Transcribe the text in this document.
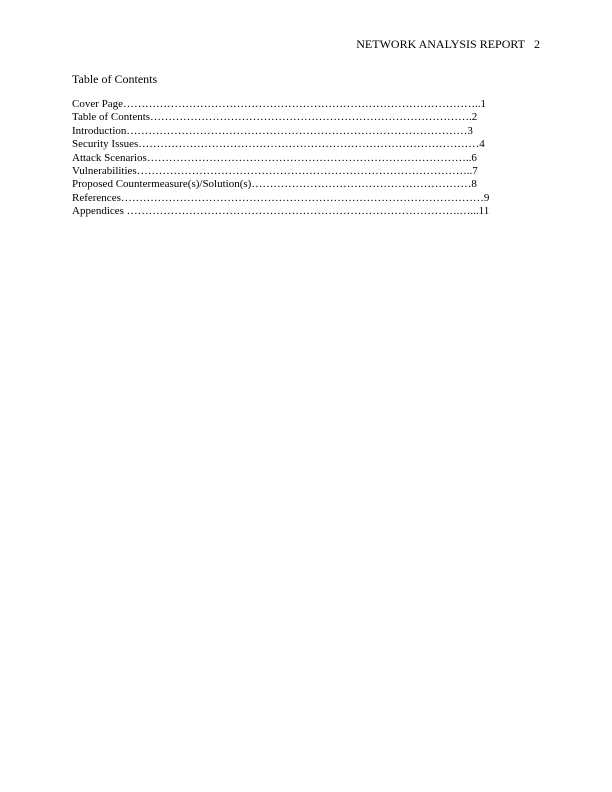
NETWORK ANALYSIS REPORT 2
Table of Contents
Cover Page……………………………………………………………………………………..1
Table of Contents…………………………………………………………………………….2
Introduction…………………………………………………………………………………3
Security Issues…………………………………………………………………………………4
Attack Scenarios……………………………………………………………………………..6
Vulnerabilities………………………………………………………………………………..7
Proposed Countermeasure(s)/Solution(s)……………………………………………………8
References………………………………………………………………………………………9
Appendices ……………………………………………………………………………….…...11
